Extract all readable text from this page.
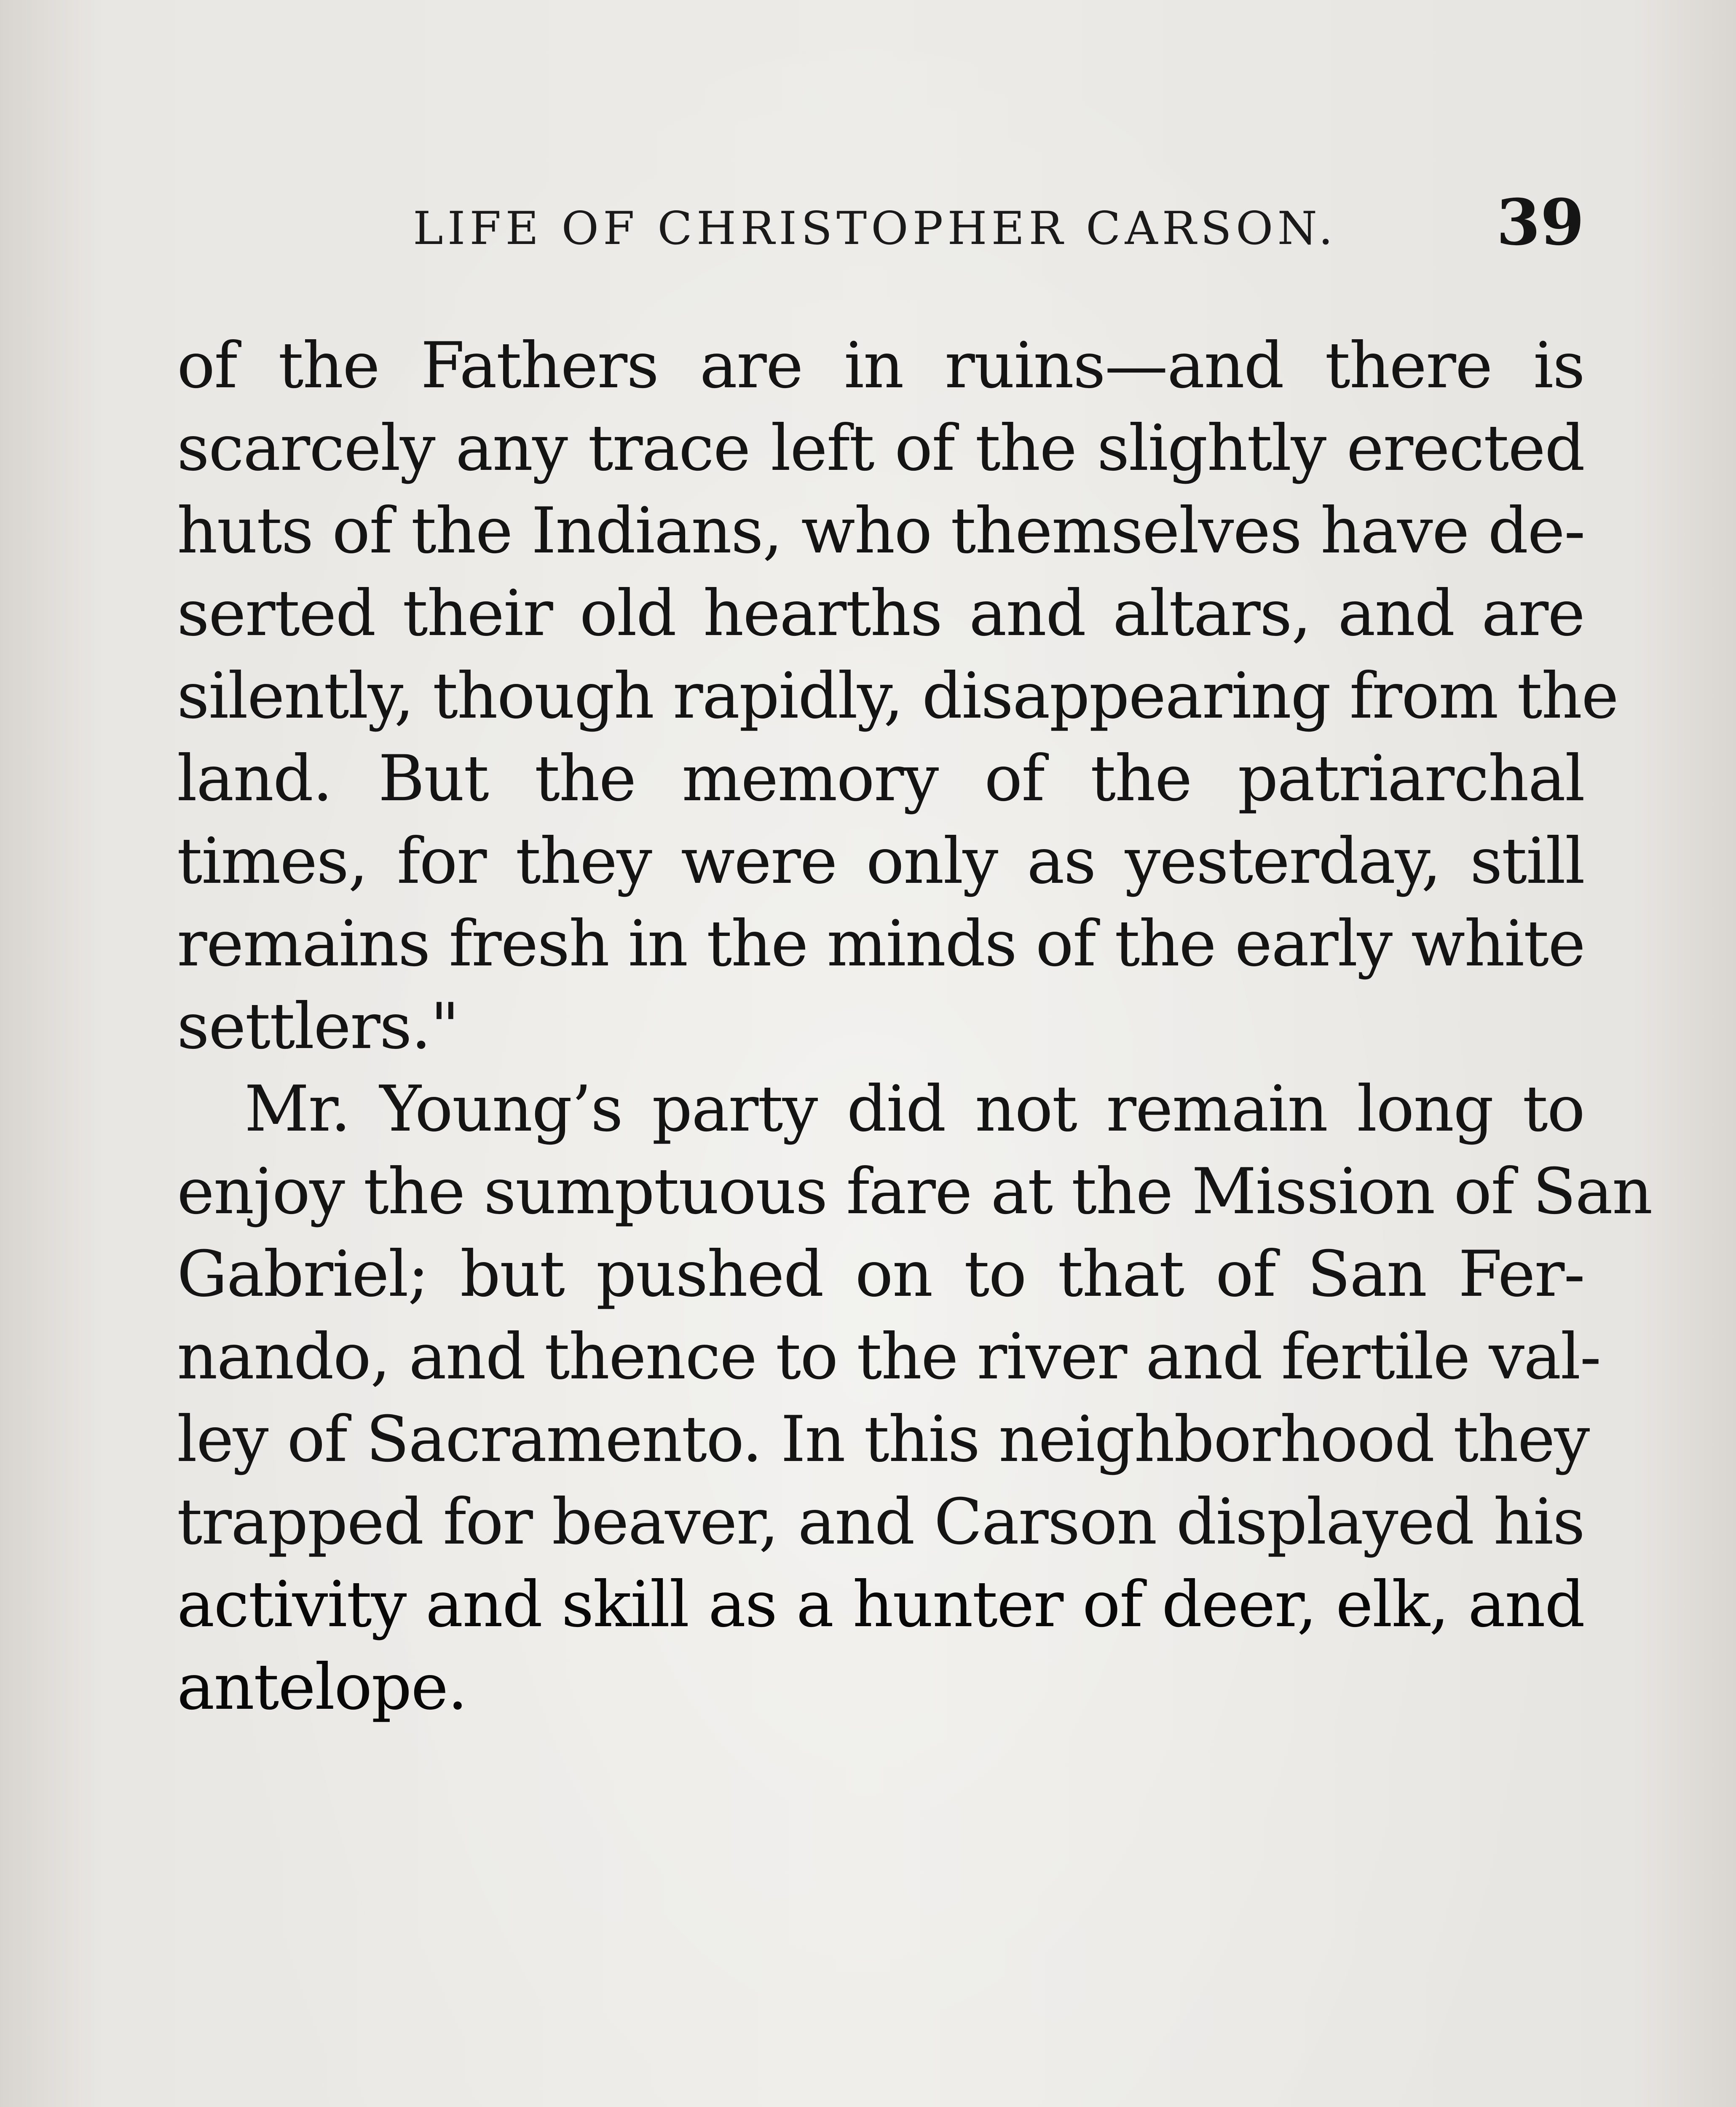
LIFE OF CHRISTOPHER CARSON.	39
of the Fathers are in ruins—and there is
scarcely any trace left of the slightly erected
huts of the Indians, who themselves have de-
serted their old hearths and altars, and are
silently, though rapidly, disappearing from the
land. But the memory of the patriarchal
times, for they were only as yesterday, still
remains fresh in the minds of the early white
settlers."
Mr. Young’s party did not remain long to
enjoy the sumptuous fare at the Mission of San
Gabriel; but pushed on to that of San Fer-
nando, and thence to the river and fertile val-
ley of Sacramento. In this neighborhood they
trapped for beaver, and Carson displayed his
activity and skill as a hunter of deer, elk, and
antelope.
